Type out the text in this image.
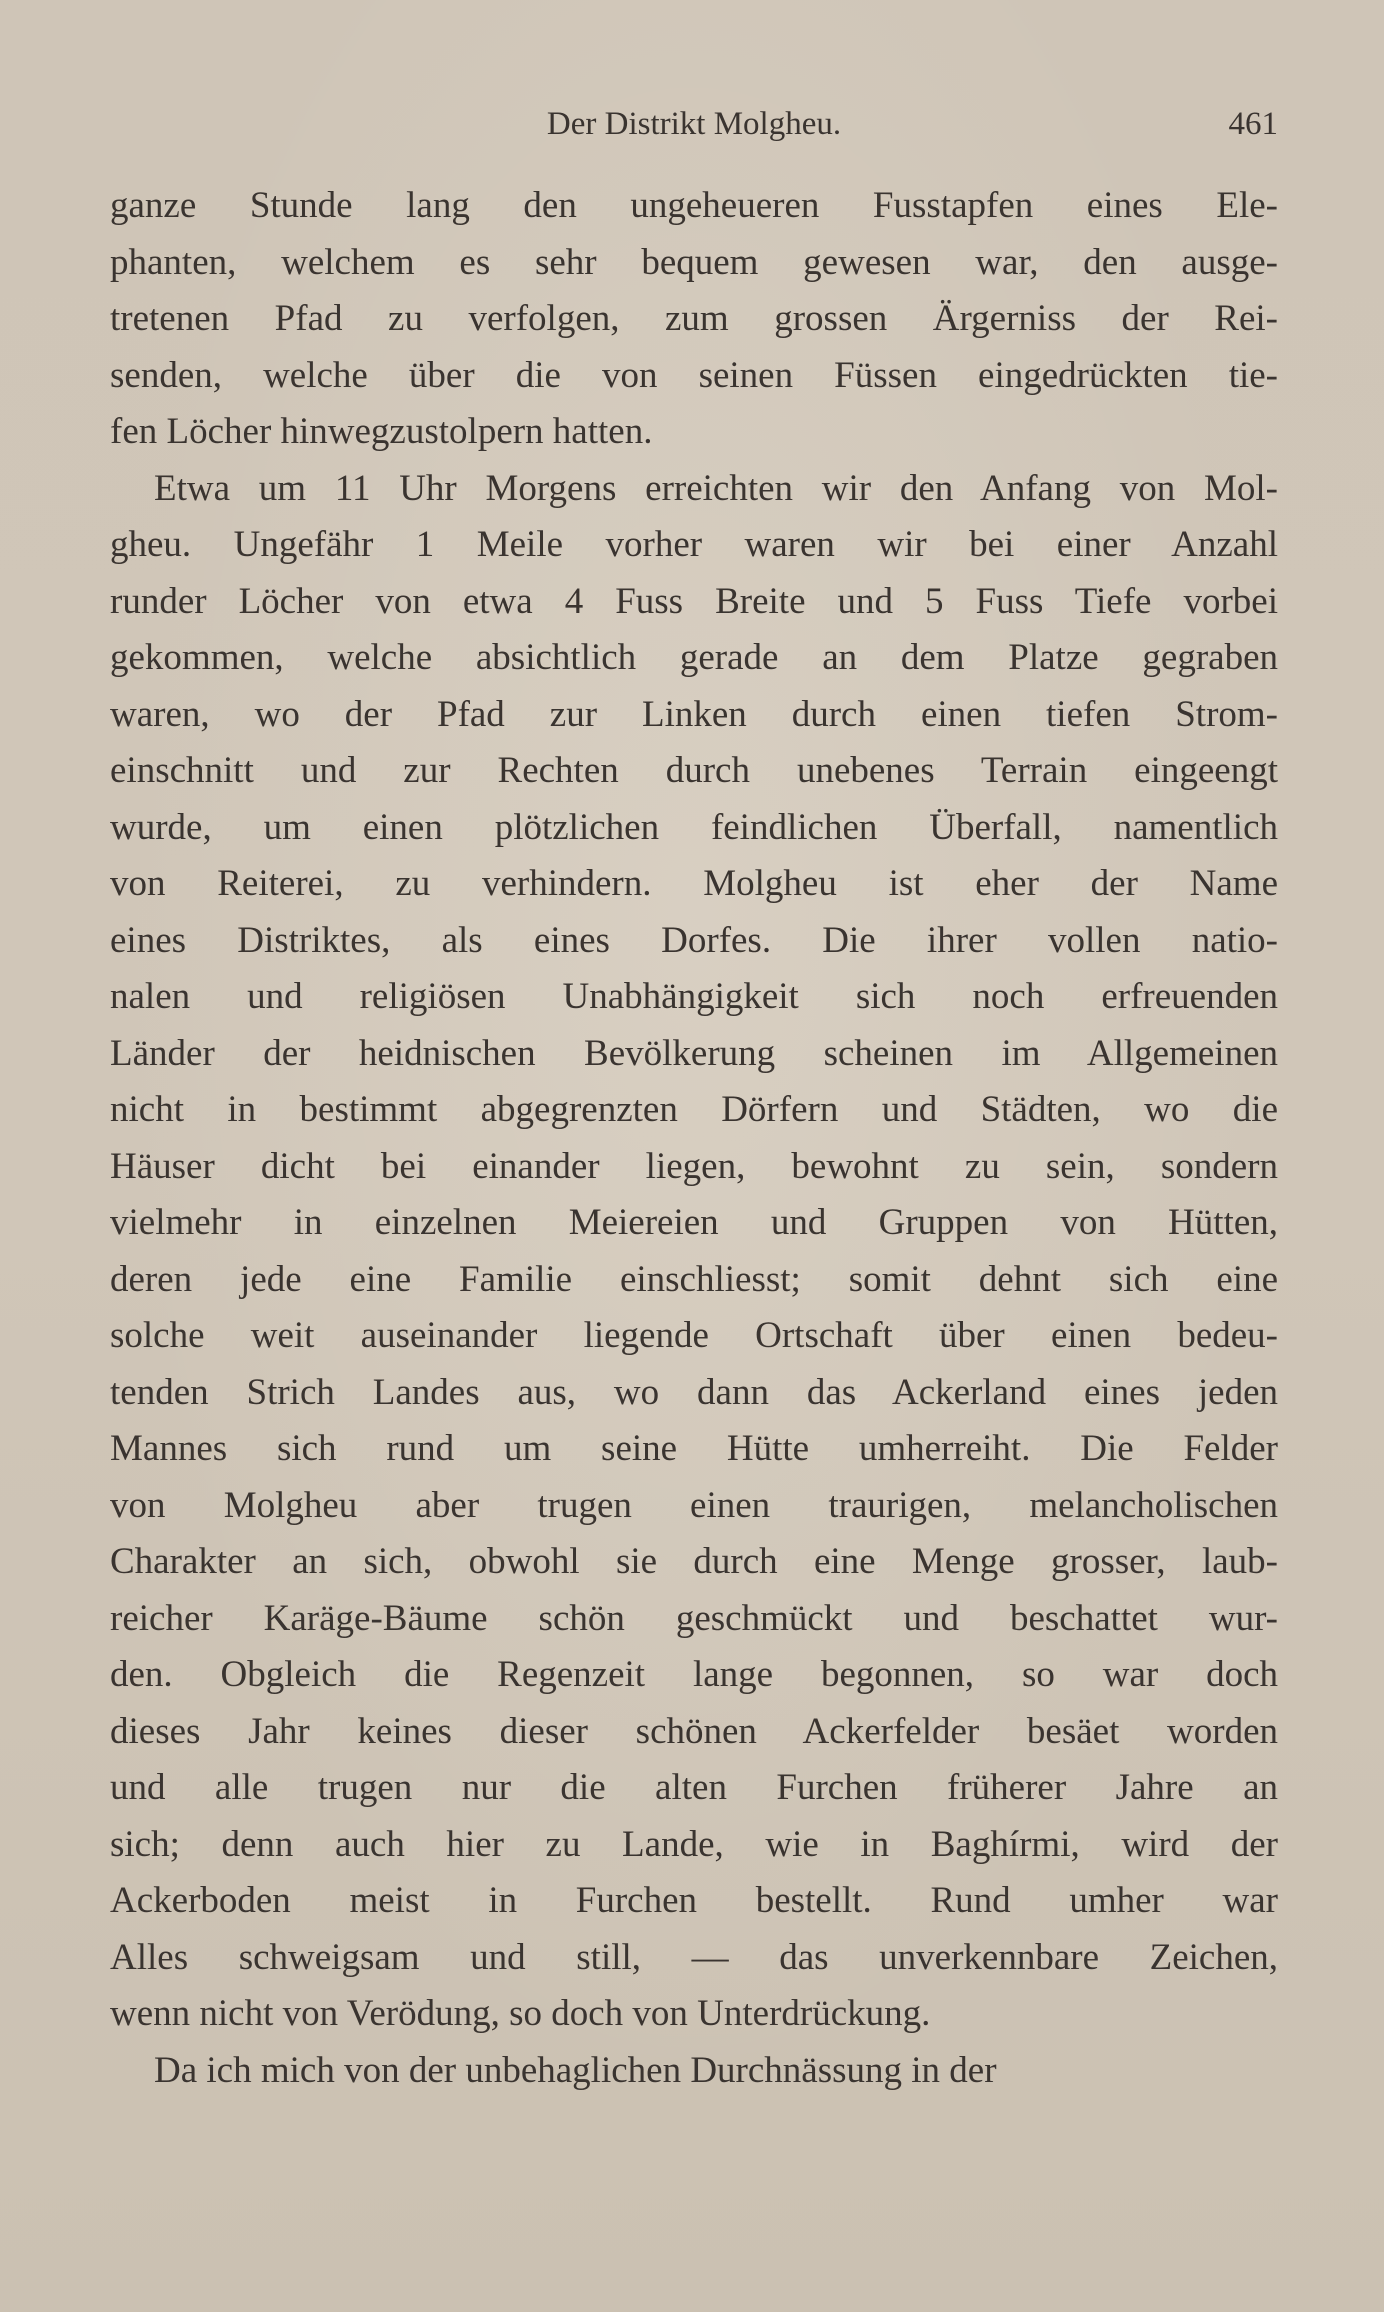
Der Distrikt Molgheu.	461
ganze Stunde lang den ungeheueren Fusstapfen eines Ele-
phanten, welchem es sehr bequem gewesen war, den ausge-
tretenen Pfad zu verfolgen, zum grossen Ärgerniss der Rei-
senden, welche über die von seinen Füssen eingedrückten tie-
fen Löcher hinwegzustolpern hatten.
Etwa um 11 Uhr Morgens erreichten wir den Anfang von Mol-
gheu. Ungefähr 1 Meile vorher waren wir bei einer Anzahl
runder Löcher von etwa 4 Fuss Breite und 5 Fuss Tiefe vorbei
gekommen, welche absichtlich gerade an dem Platze gegraben
waren, wo der Pfad zur Linken durch einen tiefen Strom-
einschnitt und zur Rechten durch unebenes Terrain eingeengt
wurde, um einen plötzlichen feindlichen Überfall, namentlich
von Reiterei, zu verhindern. Molgheu ist eher der Name
eines Distriktes, als eines Dorfes. Die ihrer vollen natio-
nalen und religiösen Unabhängigkeit sich noch erfreuenden
Länder der heidnischen Bevölkerung scheinen im Allgemeinen
nicht in bestimmt abgegrenzten Dörfern und Städten, wo die
Häuser dicht bei einander liegen, bewohnt zu sein, sondern
vielmehr in einzelnen Meiereien und Gruppen von Hütten,
deren jede eine Familie einschliesst; somit dehnt sich eine
solche weit auseinander liegende Ortschaft über einen bedeu-
tenden Strich Landes aus, wo dann das Ackerland eines jeden
Mannes sich rund um seine Hütte umherreiht. Die Felder
von Molgheu aber trugen einen traurigen, melancholischen
Charakter an sich, obwohl sie durch eine Menge grosser, laub-
reicher Karäge-Bäume schön geschmückt und beschattet wur-
den. Obgleich die Regenzeit lange begonnen, so war doch
dieses Jahr keines dieser schönen Ackerfelder besäet worden
und alle trugen nur die alten Furchen früherer Jahre an
sich; denn auch hier zu Lande, wie in Baghírmi, wird der
Ackerboden meist in Furchen bestellt. Rund umher war
Alles schweigsam und still, — das unverkennbare Zeichen,
wenn nicht von Verödung, so doch von Unterdrückung.
Da ich mich von der unbehaglichen Durchnässung in der
